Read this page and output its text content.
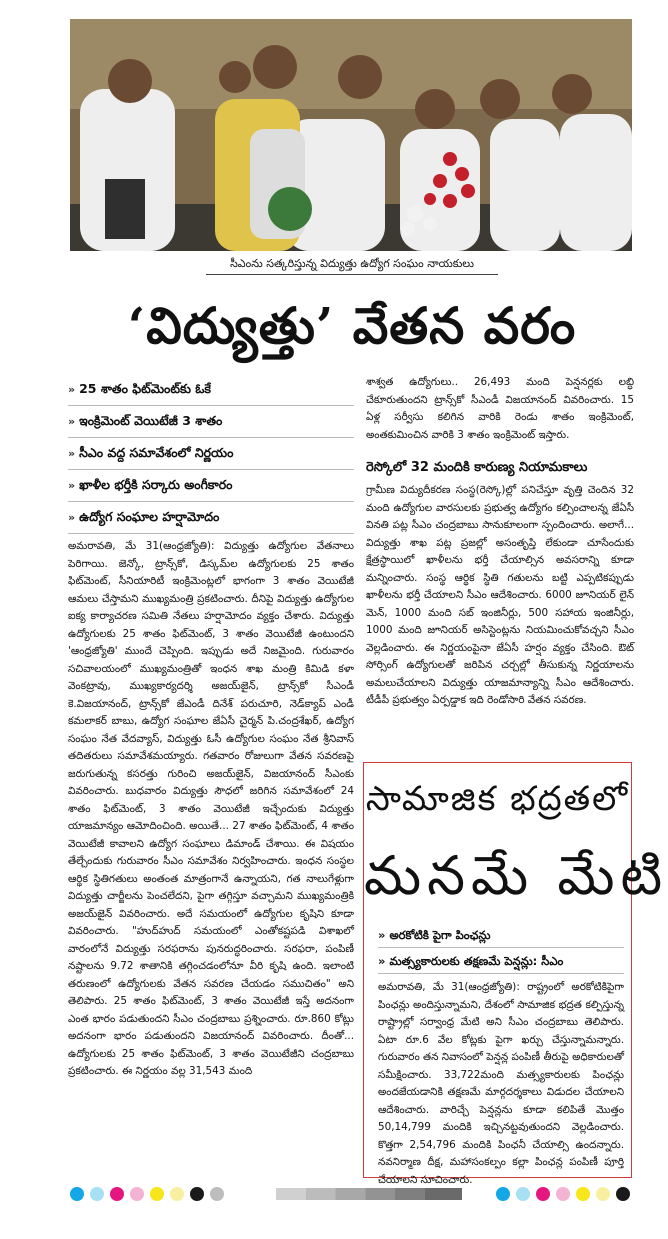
సీఎంను సత్కరిస్తున్న విద్యుత్తు ఉద్యోగ సంఘం నాయకులు
‘విద్యుత్తు’ వేతన వరం
» 25 శాతం ఫిట్‌మెంట్‌కు ఓకే
» ఇంక్రిమెంట్ వెయిటేజీ 3 శాతం
» సీఎం వద్ద సమావేశంలో నిర్ణయం
» ఖాళీల భర్తీకి సర్కారు అంగీకారం
» ఉద్యోగ సంఘాల హర్షామోదం
అమరావతి, మే 31(ఆంధ్రజ్యోతి): విద్యుత్తు ఉద్యోగుల వేతనాలు పెరిగాయి. జెన్కో, ట్రాన్స్‌కో, డిస్కమ్‌ల ఉద్యోగులకు 25 శాతం ఫిట్‌మెంట్, సీనియారిటీ ఇంక్రిమెంట్లలో భాగంగా 3 శాతం వెయిటేజీ ఆమలు చేస్తామని ముఖ్యమంత్రి ప్రకటించారు. దీనిపై విద్యుత్తు ఉద్యోగుల ఐక్య కార్యాచరణ సమితి నేతలు హర్షామోదం వ్యక్తం చేశారు. విద్యుత్తు ఉద్యోగులకు 25 శాతం ఫిట్‌మెంట్, 3 శాతం వెయిటేజీ ఉంటుందని 'ఆంధ్రజ్యోతి' ముందే చెప్పింది. ఇప్పుడు అదే నిజమైంది. గురువారం సచివాలయంలో ముఖ్యమంత్రితో ఇంధన శాఖ మంత్రి కిమిడి కళా వెంకట్రావు, ముఖ్యకార్యదర్శి అజయ్‌జైన్, ట్రాన్స్‌కో సీఎండీ కె.విజయానంద్, ట్రాన్స్‌కో జేఎండీ దినేశ్ పరుచూరి, నెడ్‌క్యాప్ ఎండీ కమలాకర్ బాబు, ఉద్యోగ సంఘాల జేఏసీ చైర్మన్ పి.చంద్రశేఖర్, ఉద్యోగ సంఘం నేత వేదవ్యాస్, విద్యుత్తు ఓసీ ఉద్యోగుల సంఘం నేత శ్రీనివాస్ తదితరులు సమావేశమయ్యారు. గతవారం రోజులుగా వేతన సవరణపై జరుగుతున్న కసరత్తు గురించి అజయ్‌జైన్, విజయానంద్ సీఎంకు వివరించారు. బుధవారం విద్యుత్తు సౌధలో జరిగిన సమావేశంలో 24 శాతం ఫిట్‌మెంట్, 3 శాతం వెయిటేజీ ఇచ్చేందుకు విద్యుత్తు యాజమాన్యం ఆమోదించింది. అయితే... 27 శాతం ఫిట్‌మెంట్, 4 శాతం వెయిటేజీ కావాలని ఉద్యోగ సంఘాలు డిమాండ్ చేశాయి. ఈ విషయం తేల్చేందుకు గురువారం సీఎం సమావేశం నిర్వహించారు. ఇంధన సంస్థల ఆర్థిక స్థితిగతులు అంతంత మాత్రంగానే ఉన్నాయని, గత నాలుగేళ్లుగా విద్యుత్తు చార్జీలను పెంచలేదని, పైగా తగ్గిస్తూ వచ్చామని ముఖ్యమంత్రికి అజయ్‌జైన్ వివరించారు. అదే సమయంలో ఉద్యోగుల కృషిని కూడా వివరించారు. "హుద్‌హుద్ సమయంలో ఎంతోకష్టపడి విశాఖలో వారంలోనే విద్యుత్తు సరఫరాను పునరుద్ధరించారు. సరఫరా, పంపిణీ నష్టాలను 9.72 శాతానికి తగ్గించడంలోనూ వీరి కృషి ఉంది. ఇలాంటి తరుణంలో ఉద్యోగులకు వేతన సవరణ చేయడం సముచితం" అని తెలిపారు. 25 శాతం ఫిట్‌మెంట్, 3 శాతం వెయిటేజీ ఇస్తే అదనంగా ఎంత భారం పడుతుందని సీఎం చంద్రబాబు ప్రశ్నించారు. రూ.860 కోట్లు అదనంగా భారం పడుతుందని విజయానంద్ వివరించారు. దీంతో... ఉద్యోగులకు 25 శాతం ఫిట్‌మెంట్, 3 శాతం వెయిటేజీని చంద్రబాబు ప్రకటించారు. ఈ నిర్ణయం వల్ల 31,543 మంది
శాశ్వత ఉద్యోగులు.. 26,493 మంది పెన్షనర్లకు లబ్ధి చేకూరుతుందని ట్రాన్స్‌కో సీఎండీ విజయానంద్ వివరించారు. 15 ఏళ్ల సర్వీసు కలిగిన వారికి రెండు శాతం ఇంక్రిమెంట్, అంతకుమించిన వారికి 3 శాతం ఇంక్రిమెంట్ ఇస్తారు.
రెస్కోలో 32 మందికి కారుణ్య నియామకాలు
గ్రామీణ విద్యుదీకరణ సంస్థ(రెస్కో)ల్లో పనిచేస్తూ వృత్తి చెందిన 32 మంది ఉద్యోగుల వారసులకు ప్రభుత్వ ఉద్యోగం కల్పించాలన్న జేఏసీ వినతి పట్ల సీఎం చంద్రబాబు సానుకూలంగా స్పందించారు. అలాగే... విద్యుత్తు శాఖ పట్ల ప్రజల్లో అసంతృప్తి లేకుండా చూసేందుకు క్షేత్రస్థాయిలో ఖాళీలను భర్తీ చేయాల్సిన అవసరాన్ని కూడా మన్నించారు. సంస్థ ఆర్థిక స్థితి గతులను బట్టి ఎప్పటికప్పుడు ఖాళీలను భర్తీ చేయాలని సీఎం ఆదేశించారు. 6000 జూనియర్ లైన్ మెన్, 1000 మంది సబ్ ఇంజినీర్లు, 500 సహాయ ఇంజినీర్లు, 1000 మంది జూనియర్ అసిస్టెంట్లను నియమించుకోవచ్చని సీఎం వెల్లడించారు. ఈ నిర్ణయంపైనా జేఏసీ హర్షం వ్యక్తం చేసింది. ఔట్ సోర్సింగ్ ఉద్యోగులతో జరిపిన చర్చల్లో తీసుకున్న నిర్ణయాలను అమలుచేయాలని విద్యుత్తు యాజమాన్యాన్ని సీఎం ఆదేశించారు. టీడీపీ ప్రభుత్వం ఏర్పడ్డాక ఇది రెండోసారి వేతన సవరణ.
సామాజిక భద్రతలో
మనమే మేటి
» అరకోటికి పైగా పింఛన్లు
» మత్స్యకారులకు తక్షణమే పెన్షన్లు: సీఎం
అమరావతి, మే 31(ఆంధ్రజ్యోతి): రాష్ట్రంలో అరకోటికిపైగా పింఛన్లు అందిస్తున్నామని, దేశంలో సామాజిక భద్రత కల్పిస్తున్న రాష్ట్రాల్లో సర్వాంధ్ర మేటి అని సీఎం చంద్రబాబు తెలిపారు. ఏటా రూ.6 వేల కోట్లకు పైగా ఖర్చు చేస్తున్నామన్నారు. గురువారం తన నివాసంలో పెన్షన్ల పంపిణీ తీరుపై అధికారులతో సమీక్షించారు. 33,722మంది మత్స్యకారులకు పింఛన్లు అందజేయడానికి తక్షణమే మార్గదర్శకాలు విడుదల చేయాలని ఆదేశించారు. వారిచ్చే పెన్షన్లను కూడా కలిపితే మొత్తం 50,14,799 మందికి ఇచ్చినట్టవుతుందని వెల్లడించారు. కొత్తగా 2,54,796 మందికి పింఛనీ చేయాల్సి ఉందన్నారు. నవనిర్మాణ దీక్ష, మహాసంకల్పం కల్లా పింఛన్ల పంపిణీ పూర్తి చేయాలని సూచించారు.
